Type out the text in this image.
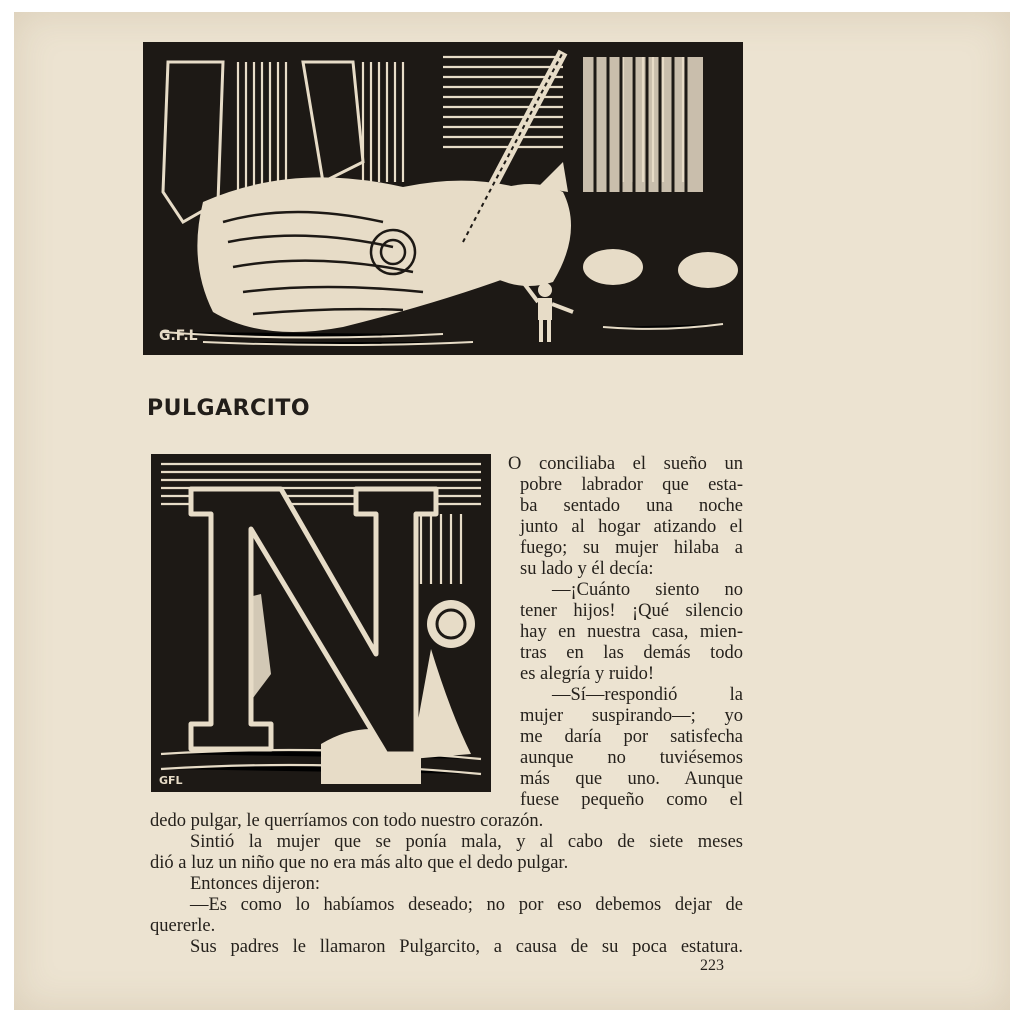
G.F.L
PULGARCITO
GFL
O conciliaba el sueño un
pobre labrador que esta-
ba sentado una noche
junto al hogar atizando el
fuego; su mujer hilaba a
su lado y él decía:
—¡Cuánto siento no
tener hijos! ¡Qué silencio
hay en nuestra casa, mien-
tras en las demás todo
es alegría y ruido!
—Sí—respondió la
mujer suspirando—; yo
me daría por satisfecha
aunque no tuviésemos
más que uno. Aunque
fuese pequeño como el
dedo pulgar, le querríamos con todo nuestro corazón.
Sintió la mujer que se ponía mala, y al cabo de siete meses
dió a luz un niño que no era más alto que el dedo pulgar.
Entonces dijeron:
—Es como lo habíamos deseado; no por eso debemos dejar de
quererle.
Sus padres le llamaron Pulgarcito, a causa de su poca estatura.
223
